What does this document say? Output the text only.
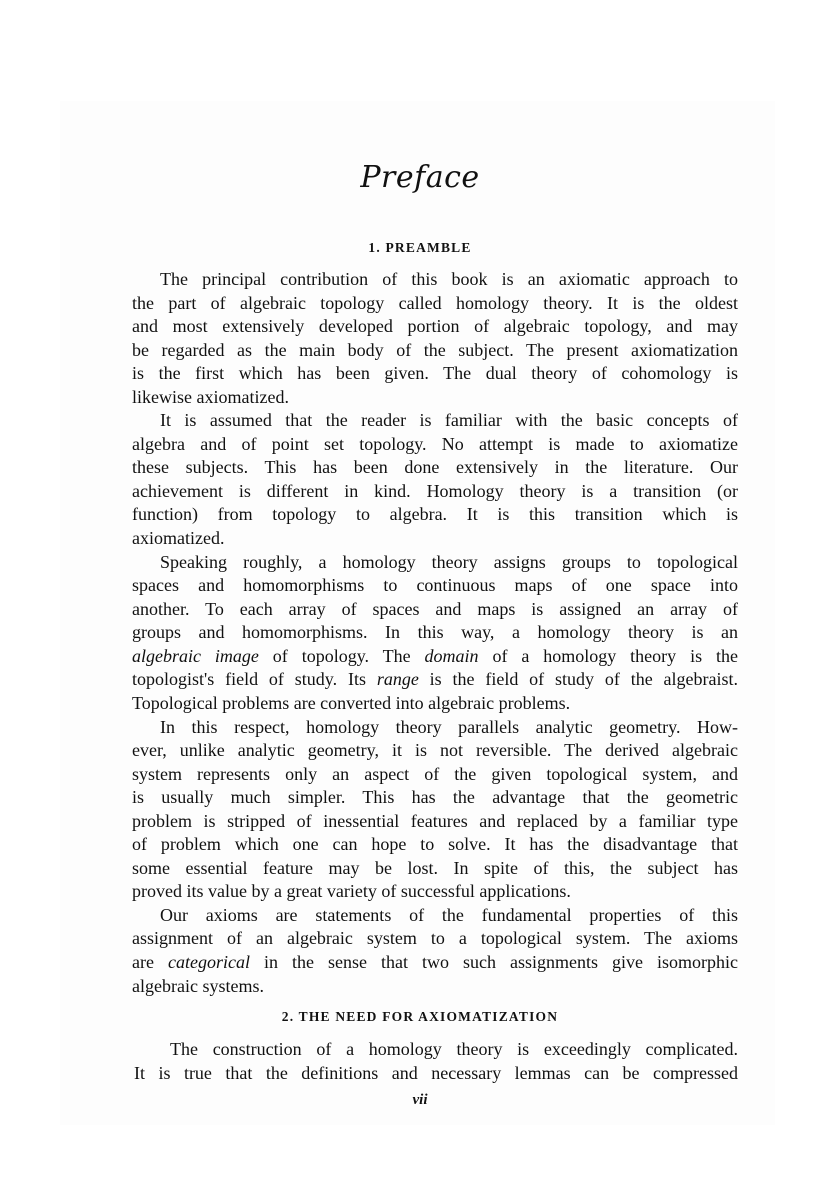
Preface
1. PREAMBLE
The principal contribution of this book is an axiomatic approach to
the part of algebraic topology called homology theory. It is the oldest
and most extensively developed portion of algebraic topology, and may
be regarded as the main body of the subject. The present axiomatization
is the first which has been given. The dual theory of cohomology is
likewise axiomatized.
It is assumed that the reader is familiar with the basic concepts of
algebra and of point set topology. No attempt is made to axiomatize
these subjects. This has been done extensively in the literature. Our
achievement is different in kind. Homology theory is a transition (or
function) from topology to algebra. It is this transition which is
axiomatized.
Speaking roughly, a homology theory assigns groups to topological
spaces and homomorphisms to continuous maps of one space into
another. To each array of spaces and maps is assigned an array of
groups and homomorphisms. In this way, a homology theory is an
algebraic image of topology. The domain of a homology theory is the
topologist's field of study. Its range is the field of study of the algebraist.
Topological problems are converted into algebraic problems.
In this respect, homology theory parallels analytic geometry. How-
ever, unlike analytic geometry, it is not reversible. The derived algebraic
system represents only an aspect of the given topological system, and
is usually much simpler. This has the advantage that the geometric
problem is stripped of inessential features and replaced by a familiar type
of problem which one can hope to solve. It has the disadvantage that
some essential feature may be lost. In spite of this, the subject has
proved its value by a great variety of successful applications.
Our axioms are statements of the fundamental properties of this
assignment of an algebraic system to a topological system. The axioms
are categorical in the sense that two such assignments give isomorphic
algebraic systems.
2. THE NEED FOR AXIOMATIZATION
The construction of a homology theory is exceedingly complicated.
It is true that the definitions and necessary lemmas can be compressed
vii
